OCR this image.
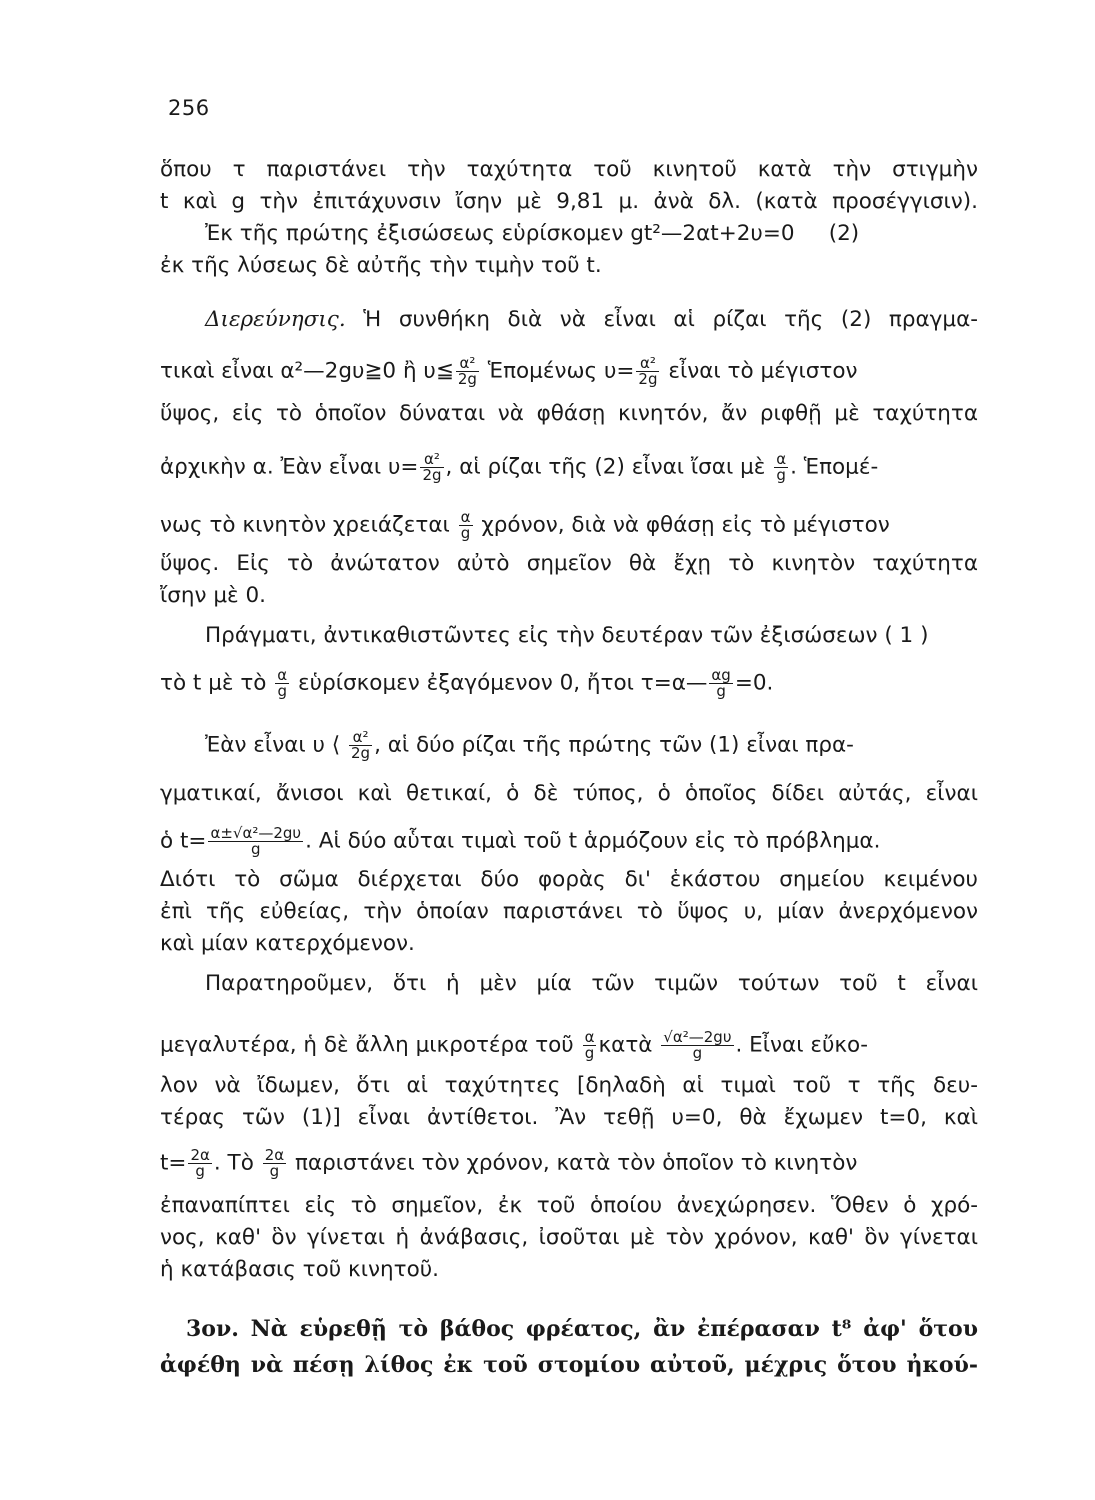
256
ὅπου τ παριστάνει τὴν ταχύτητα τοῦ κινητοῦ κατὰ τὴν στιγμὴν
t καὶ g τὴν ἐπιτάχυνσιν ἴσην μὲ 9,81 μ. ἀνὰ δλ. (κατὰ προσέγγισιν).
Ἐκ τῆς πρώτης ἐξισώσεως εὑρίσκομεν gt²—2αt+2υ=0     (2)
ἐκ τῆς λύσεως δὲ αὐτῆς τὴν τιμὴν τοῦ t.
Διερεύνησις. Ἡ συνθήκη διὰ νὰ εἶναι αἱ ρίζαι τῆς (2) πραγμα-
τικαὶ εἶναι α²—2gυ≧0 ἢ υ≦ $\frac{\text{α²}}{2g}$ Ἑπομένως $\upsilon= \frac{\text{α²}}{2g}$ εἶναι τὸ μέγιστον
ὕψος, εἰς τὸ ὁποῖον δύναται νὰ φθάσῃ κινητόν, ἄν ριφθῇ μὲ ταχύτητα
ἀρχικὴν α. Ἐὰν εἶναι $\upsilon= \frac{\text{α²}}{2g}$ , αἱ ρίζαι τῆς (2) εἶναι ἴσαι μὲ $\frac{\alpha}{g}$ . Ἑπομέ-
νως τὸ κινητὸν χρειάζεται $\frac{\alpha}{g} \chi\rho ό\nu o\nu$, διὰ νὰ φθάσῃ εἰς τὸ μέγιστον
ὕψος. Εἰς τὸ ἀνώτατον αὐτὸ σημεῖον θὰ ἔχῃ τὸ κινητὸν ταχύτητα
ἴσην μὲ 0.
Πράγματι, ἀντικαθιστῶντες εἰς τὴν δευτέραν τῶν ἐξισώσεων ( 1 )
τὸ t μὲ τὸ $\frac{\alpha}{g}$ εὑρίσκομεν ἐξαγόμενον 0, ἤτοι τ=α— $\frac{\alpha g}{g} =0$.
Ἐὰν εἶναι υ ⟨ $\frac{\text{α²}}{2g}$ , αἱ δύο ρίζαι τῆς πρώτης τῶν (1) εἶναι πρα-
γματικαί, ἄνισοι καὶ θετικαί, ὁ δὲ τύπος, ὁ ὁποῖος δίδει αὐτάς, εἶναι
ὁ $t= \frac{\text{α±√α²—2gυ}}{g}$ . Αἱ δύο αὗται τιμαὶ τοῦ t ἁρμόζουν εἰς τὸ πρόβλημα.
Διότι τὸ σῶμα διέρχεται δύο φορὰς δι' ἑκάστου σημείου κειμένου
ἐπὶ τῆς εὐθείας, τὴν ὁποίαν παριστάνει τὸ ὕψος υ, μίαν ἀνερχόμενον
καὶ μίαν κατερχόμενον.
Παρατηροῦμεν, ὅτι ἡ μὲν μία τῶν τιμῶν τούτων τοῦ t εἶναι
μεγαλυτέρα, ἡ δὲ ἄλλη μικροτέρα τοῦ $\frac{\alpha}{g}$ κατὰ $\frac{\text{√α²—2gυ}}{g}$ . Εἶναι εὔκο-
λον νὰ ἴδωμεν, ὅτι αἱ ταχύτητες [δηλαδὴ αἱ τιμαὶ τοῦ τ τῆς δευ-
τέρας τῶν (1)] εἶναι ἀντίθετοι. Ἂν τεθῇ υ=0, θὰ ἔχωμεν t=0, καὶ
$t= \frac{2\alpha}{g}$ . Τὸ $\frac{2\alpha}{g}$ παριστάνει τὸν χρόνον, κατὰ τὸν ὁποῖον τὸ κινητὸν
ἐπαναπίπτει εἰς τὸ σημεῖον, ἐκ τοῦ ὁποίου ἀνεχώρησεν. Ὅθεν ὁ χρό-
νος, καθ' ὃν γίνεται ἡ ἀνάβασις, ἰσοῦται μὲ τὸν χρόνον, καθ' ὃν γίνεται
ἡ κατάβασις τοῦ κινητοῦ.
3ον. Νὰ εὑρεθῇ τὸ βάθος φρέατος, ἂν ἐπέρασαν t⁸ ἀφ' ὅτου
ἀφέθη νὰ πέσῃ λίθος ἐκ τοῦ στομίου αὐτοῦ, μέχρις ὅτου ἠκού-
